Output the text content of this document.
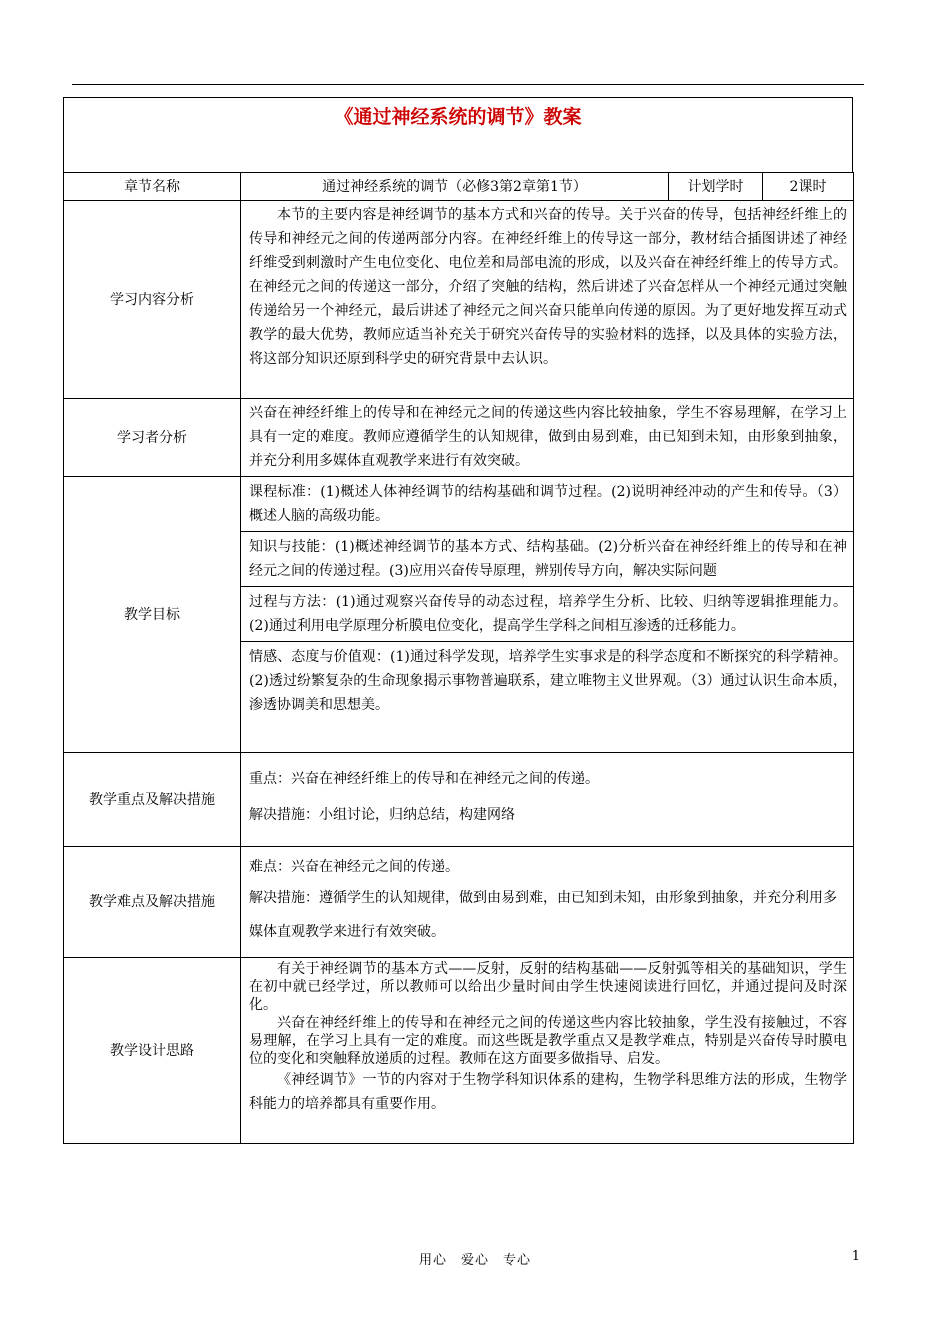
《通过神经系统的调节》教案
章节名称	通过神经系统的调节（必修3第2章第1节）	计划学时	2课时
学习内容分析	本节的主要内容是神经调节的基本方式和兴奋的传导。关于兴奋的传导，包括神经纤维上的传导和神经元之间的传递两部分内容。在神经纤维上的传导这一部分，教材结合插图讲述了神经纤维受到刺激时产生电位变化、电位差和局部电流的形成，以及兴奋在神经纤维上的传导方式。在神经元之间的传递这一部分，介绍了突触的结构，然后讲述了兴奋怎样从一个神经元通过突触传递给另一个神经元，最后讲述了神经元之间兴奋只能单向传递的原因。为了更好地发挥互动式教学的最大优势，教师应适当补充关于研究兴奋传导的实验材料的选择，以及具体的实验方法，将这部分知识还原到科学史的研究背景中去认识。		

学习者分析	兴奋在神经纤维上的传导和在神经元之间的传递这些内容比较抽象，学生不容易理解，在学习上具有一定的难度。教师应遵循学生的认知规律，做到由易到难，由已知到未知，由形象到抽象，并充分利用多媒体直观教学来进行有效突破。		
教学目标	课程标准：(1)概述人体神经调节的结构基础和调节过程。(2)说明神经冲动的产生和传导。（3）概述人脑的高级功能。
知识与技能：(1)概述神经调节的基本方式、结构基础。(2)分析兴奋在神经纤维上的传导和在神经元之间的传递过程。(3)应用兴奋传导原理，辨别传导方向，解决实际问题
过程与方法：(1)通过观察兴奋传导的动态过程，培养学生分析、比较、归纳等逻辑推理能力。(2)通过利用电学原理分析膜电位变化，提高学生学科之间相互渗透的迁移能力。
情感、态度与价值观：(1)通过科学发现，培养学生实事求是的科学态度和不断探究的科学精神。(2)透过纷繁复杂的生命现象揭示事物普遍联系，建立唯物主义世界观。（3）通过认识生命本质，渗透协调美和思想美。		

教学重点及解决措施	重点：兴奋在神经纤维上的传导和在神经元之间的传递。
解决措施：小组讨论，归纳总结，构建网络		

教学难点及解决措施	难点：兴奋在神经元之间的传递。
解决措施：遵循学生的认知规律，做到由易到难，由已知到未知，由形象到抽象，并充分利用多媒体直观教学来进行有效突破。		

教学设计思路	有关于神经调节的基本方式——反射，反射的结构基础——反射弧等相关的基础知识，学生在初中就已经学过，所以教师可以给出少量时间由学生快速阅读进行回忆，并通过提问及时深化。
兴奋在神经纤维上的传导和在神经元之间的传递这些内容比较抽象，学生没有接触过，不容易理解，在学习上具有一定的难度。而这些既是教学重点又是教学难点，特别是兴奋传导时膜电位的变化和突触释放递质的过程。教师在这方面要多做指导、启发。
《神经调节》一节的内容对于生物学科知识体系的建构，生物学科思维方法的形成，生物学科能力的培养都具有重要作用。		
用心　爱心　专心	1
